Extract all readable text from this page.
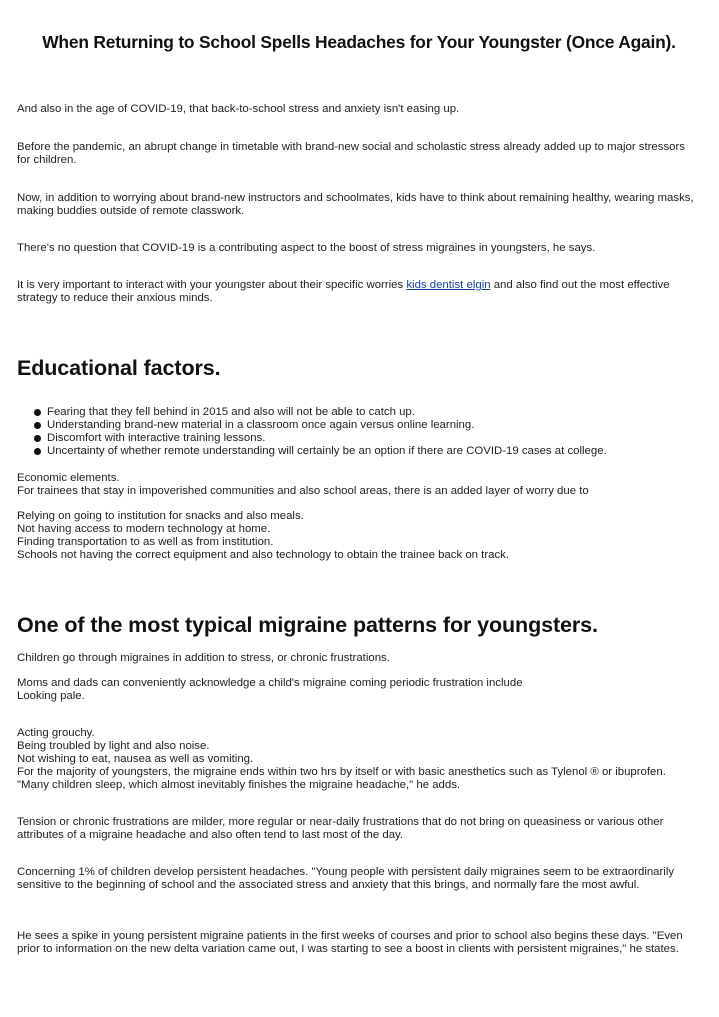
When Returning to School Spells Headaches for Your Youngster (Once Again).

And also in the age of COVID-19, that back-to-school stress and anxiety isn't easing up.

Before the pandemic, an abrupt change in timetable with brand-new social and scholastic stress already added up to major stressors for children.

Now, in addition to worrying about brand-new instructors and schoolmates, kids have to think about remaining healthy, wearing masks, making buddies outside of remote classwork.

There's no question that COVID-19 is a contributing aspect to the boost of stress migraines in youngsters, he says.

It is very important to interact with your youngster about their specific worries kids dentist elgin and also find out the most effective strategy to reduce their anxious minds.

Educational factors.
Fearing that they fell behind in 2015 and also will not be able to catch up.
Understanding brand-new material in a classroom once again versus online learning.
Discomfort with interactive training lessons.
Uncertainty of whether remote understanding will certainly be an option if there are COVID-19 cases at college.

Economic elements.
For trainees that stay in impoverished communities and also school areas, there is an added layer of worry due to

Relying on going to institution for snacks and also meals.
Not having access to modern technology at home.
Finding transportation to as well as from institution.
Schools not having the correct equipment and also technology to obtain the trainee back on track.

One of the most typical migraine patterns for youngsters.

Children go through migraines in addition to stress, or chronic frustrations.

Moms and dads can conveniently acknowledge a child's migraine coming periodic frustration include
Looking pale.

Acting grouchy.
Being troubled by light and also noise.
Not wishing to eat, nausea as well as vomiting.
For the majority of youngsters, the migraine ends within two hrs by itself or with basic anesthetics such as Tylenol ® or ibuprofen. "Many children sleep, which almost inevitably finishes the migraine headache," he adds.

Tension or chronic frustrations are milder, more regular or near-daily frustrations that do not bring on queasiness or various other attributes of a migraine headache and also often tend to last most of the day.

Concerning 1% of children develop persistent headaches. "Young people with persistent daily migraines seem to be extraordinarily sensitive to the beginning of school and the associated stress and anxiety that this brings, and normally fare the most awful.

He sees a spike in young persistent migraine patients in the first weeks of courses and prior to school also begins these days. "Even prior to information on the new delta variation came out, I was starting to see a boost in clients with persistent migraines," he states.
